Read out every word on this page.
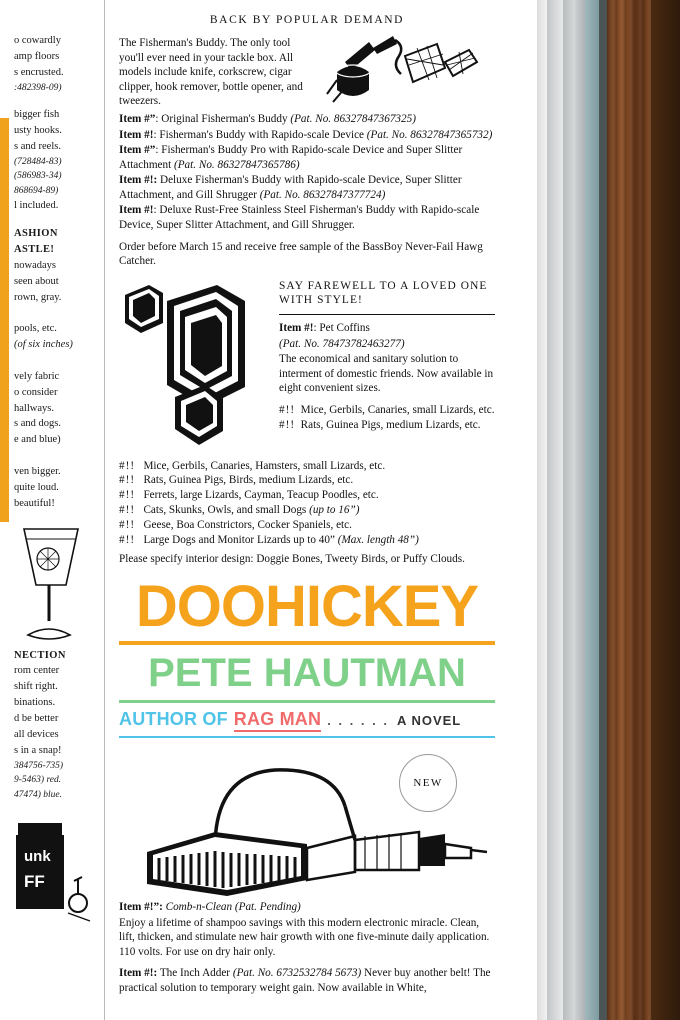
o cowardly

amp floors

s encrusted.

:482398-09)

bigger fish

usty hooks.

s and reels.

(728484-83)

(586983-34)

868694-89)

l included.

ASHION

ASTLE!

nowadays

seen about

rown, gray.

pools, etc.

(of six inches)

vely fabric

o consider

hallways.

s and dogs.

e and blue)

ven bigger.

quite loud.

beautiful!

NECTION

rom center

shift right.

binations.

d be better

all devices

s in a snap!

384756-735)

9-5463) red.

47474) blue.

unk
FF
BACK BY POPULAR DEMAND

The Fisherman's Buddy. The only tool you'll ever need in your tackle box. All models include knife, corkscrew, cigar clipper, hook remover, bottle opener, and tweezers.

Item #”: Original Fisherman's Buddy (Pat. No. 86327847367325)

Item #!: Fisherman's Buddy with Rapido-scale Device (Pat. No. 86327847365732)

Item #”: Fisherman's Buddy Pro with Rapido-scale Device and Super Slitter Attachment (Pat. No. 86327847365786)

Item #!: Deluxe Fisherman's Buddy with Rapido-scale Device, Super Slitter Attachment, and Gill Shrugger (Pat. No. 86327847377724)

Item #!: Deluxe Rust-Free Stainless Steel Fisherman's Buddy with Rapido-scale Device, Super Slitter Attachment, and Gill Shrugger.

Order before March 15 and receive free sample of the BassBoy Never-Fail Hawg Catcher.

SAY FAREWELL TO A LOVED ONE WITH STYLE!

Item #!: Pet Coffins

(Pat. No. 78473782463277)

The economical and sanitary solution to interment of domestic friends. Now available in eight convenient sizes.

#!! Mice, Gerbils, Canaries, small Lizards, etc.
#!! Rats, Guinea Pigs, medium Lizards, etc.
#!! Mice, Gerbils, Canaries, Hamsters, small Lizards, etc.
#!! Rats, Guinea Pigs, Birds, medium Lizards, etc.
#!! Ferrets, large Lizards, Cayman, Teacup Poodles, etc.
#!! Cats, Skunks, Owls, and small Dogs (up to 16”)
#!! Geese, Boa Constrictors, Cocker Spaniels, etc.
#!! Large Dogs and Monitor Lizards up to 40” (Max. length 48”)

Please specify interior design: Doggie Bones, Tweety Birds, or Puffy Clouds.

DOOHICKEY
PETE HAUTMAN
AUTHOR OF RAG MAN . . . . . . A NOVEL
NEW

Item #!”: Comb-n-Clean (Pat. Pending)

Enjoy a lifetime of shampoo savings with this modern electronic miracle. Clean, lift, thicken, and stimulate new hair growth with one five-minute daily application. 110 volts. For use on dry hair only.

Item #!: The Inch Adder (Pat. No. 6732532784 5673) Never buy another belt! The practical solution to temporary weight gain. Now available in White,
